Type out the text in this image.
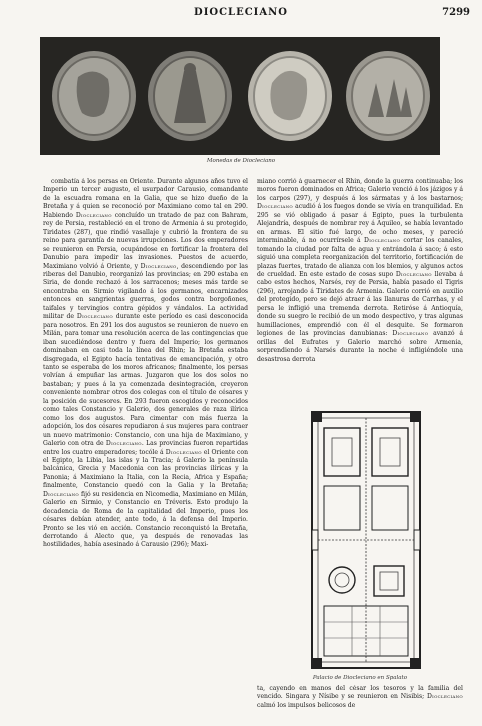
DIOCLECIANO	7299
Monedas de Diocleciano

combatía á los persas en Oriente. Durante algunos años tuvo el Imperio un tercer augusto, el usurpador Carausio, comandante de la escuadra romana en la Galia, que se hizo dueño de la Bretaña y á quien se reconoció por Maximiano como tal en 290. Habiendo Diocleciano concluído un tratado de paz con Bahram, rey de Persia, restableció en el trono de Armenia á su protegido, Tiridates (287), que rindió vasallaje y cubrió la frontera de su reino para garantía de nuevas irrupciones. Los dos emperadores se reunieron en Persia, ocupándose en fortificar la frontera del Danubio para impedir las invasiones. Puestos de acuerdo, Maximiano volvió á Oriente, y Diocleciano, descendiendo por las riberas del Danubio, reorganizó las provincias; en 290 estaba en Siria, de donde rechazó á los sarracenos; meses más tarde se encontraba en Sirmio vigilando á los germanos, encarnizados entonces en sangrientas guerras, godos contra borgoñones, taifales y tervingios contra gépidos y vándalos. La actividad militar de Diocleciano durante este período es casi desconocida para nosotros. En 291 los dos augustos se reunieron de nuevo en Milán, para tomar una resolución acerca de las contingencias que iban sucediéndose dentro y fuera del Imperio; los germanos dominaban en casi toda la línea del Rhin; la Bretaña estaba disgregada, el Egipto hacía tentativas de emancipación, y otro tanto se esperaba de los moros africanos; finalmente, los persas volvían á empuñar las armas. Juzgaron que los dos solos no bastaban; y pues á la ya comenzada desintegración, creyeron conveniente nombrar otros dos colegas con el título de césares y la posición de sucesores. En 293 fueron escogidos y reconocidos como tales Constancio y Galerio, dos generales de raza ilírica como los dos augustos. Para cimentar con más fuerza la adopción, los dos césares repudiaron á sus mujeres para contraer un nuevo matrimonio: Constancio, con una hija de Maximiano, y Galerio con otra de Diocleciano. Las provincias fueron repartidas entre los cuatro emperadores; tocóle á Diocleciano el Oriente con el Egipto, la Libia, las islas y la Tracia; á Galerio la península balcánica, Grecia y Macedonia con las provincias ilíricas y la Panonia; á Maximiano la Italia, con la Recia, Africa y España; finalmente, Constancio quedó con la Galia y la Bretaña; Diocleciano fijó su residencia en Nicomedia, Maximiano en Milán, Galerio en Sirmio, y Constancio en Tréveris. Esto produjo la decadencia de Roma de la capitalidad del Imperio, pues los césares debían atender, ante todo, á la defensa del Imperio. Pronto se les vió en acción. Constancio reconquistó la Bretaña, derrotando á Alecto que, ya después de renovadas las hostilidades, había asesinado á Carausio (296); Maxi-

miano corrió á guarnecer el Rhin, donde la guerra continuaba; los moros fueron dominados en Africa; Galerio venció á los jázigos y á los carpos (297), y después á los sármatas y á los bastarnos; Diocleciano acudió á los fuegos donde se vivía en tranquilidad. En 295 se vió obligado á pasar á Egipto, pues la turbulenta Alejandría, después de nombrar rey á Aquileo, se había levantado en armas. El sitio fué largo, de ocho meses, y pareció interminable, á no ocurrírsele á Diocleciano cortar los canales, tomando la ciudad por falta de agua y entrándola á saco; á esto siguió una completa reorganización del territorio, fortificación de plazas fuertes, tratado de alianza con los blemios, y algunos actos de crueldad. En este estado de cosas supo Diocleciano llevaba á cabo estos hechos, Narsés, rey de Persia, había pasado el Tigris (296), arrojando á Tiridates de Armenia. Galerio corrió en auxilio del protegido, pero se dejó atraer á las llanuras de Carrhas, y el persa le infligió una tremenda derrota. Retiróse á Antioquía, donde su suegro le recibió de un modo despectivo, y tras algunas humillaciones, emprendió con él el desquite. Se formaron legiones de las provincias danubianas: Diocleciano avanzó á orillas del Eufrates y Galerio marchó sobre Armenia, sorprendiendo á Narsés durante la noche é infligiéndole una desastrosa derrota

Palacio de Diocleciano en Spalato

ta, cayendo en manos del césar los tesoros y la familia del vencido. Singara y Nísibe y se reunieron en Nisibis; Diocleciano calmó los impulsos belicosos de
